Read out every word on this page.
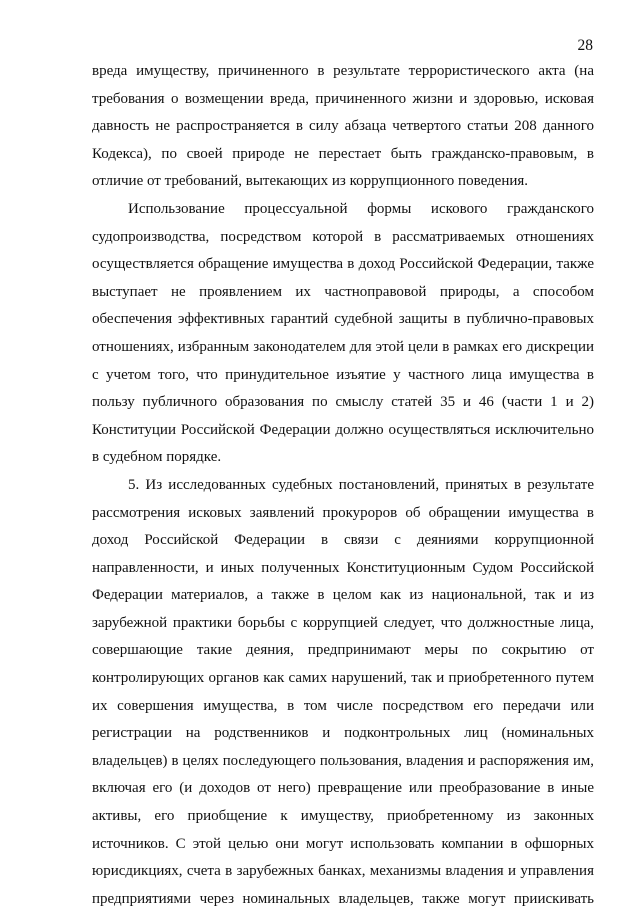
28
вреда имуществу, причиненного в результате террористического акта (на
требования о возмещении вреда, причиненного жизни и здоровью, исковая
давность не распространяется в силу абзаца четвертого статьи 208 данного
Кодекса), по своей природе не перестает быть гражданско-правовым, в
отличие от требований, вытекающих из коррупционного поведения.
Использование процессуальной формы искового гражданского
судопроизводства, посредством которой в рассматриваемых отношениях
осуществляется обращение имущества в доход Российской Федерации, также
выступает не проявлением их частноправовой природы, а способом
обеспечения эффективных гарантий судебной защиты в публично-правовых
отношениях, избранным законодателем для этой цели в рамках его дискреции
с учетом того, что принудительное изъятие у частного лица имущества в
пользу публичного образования по смыслу статей 35 и 46 (части 1 и 2)
Конституции Российской Федерации должно осуществляться исключительно
в судебном порядке.
5. Из исследованных судебных постановлений, принятых в результате
рассмотрения исковых заявлений прокуроров об обращении имущества в
доход Российской Федерации в связи с деяниями коррупционной
направленности, и иных полученных Конституционным Судом Российской
Федерации материалов, а также в целом как из национальной, так и из
зарубежной практики борьбы с коррупцией следует, что должностные лица,
совершающие такие деяния, предпринимают меры по сокрытию от
контролирующих органов как самих нарушений, так и приобретенного путем
их совершения имущества, в том числе посредством его передачи или
регистрации на родственников и подконтрольных лиц (номинальных
владельцев) в целях последующего пользования, владения и распоряжения им,
включая его (и доходов от него) превращение или преобразование в иные
активы, его приобщение к имуществу, приобретенному из законных
источников. С этой целью они могут использовать компании в офшорных
юрисдикциях, счета в зарубежных банках, механизмы владения и управления
предприятиями через номинальных владельцев, также могут приискивать
